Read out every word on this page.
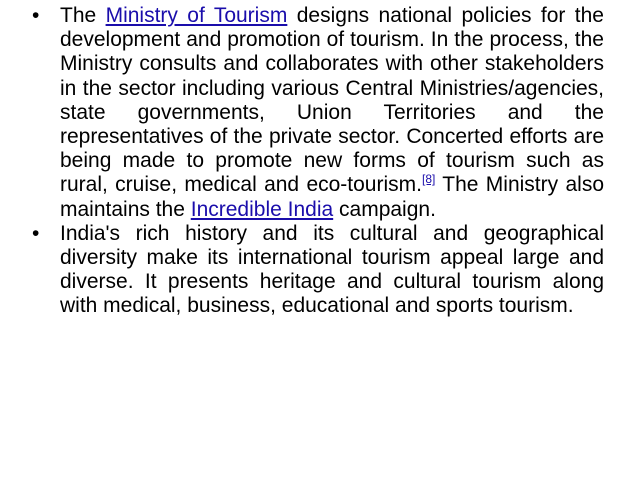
• The Ministry of Tourism designs national policies for the development and promotion of tourism. In the process, the Ministry consults and collaborates with other stakeholders in the sector including various Central Ministries/agencies, state governments, Union Territories and the representatives of the private sector. Concerted efforts are being made to promote new forms of tourism such as rural, cruise, medical and eco-tourism.[8] The Ministry also maintains the Incredible India campaign.

• India's rich history and its cultural and geographical diversity make its international tourism appeal large and diverse. It presents heritage and cultural tourism along with medical, business, educational and sports tourism.
